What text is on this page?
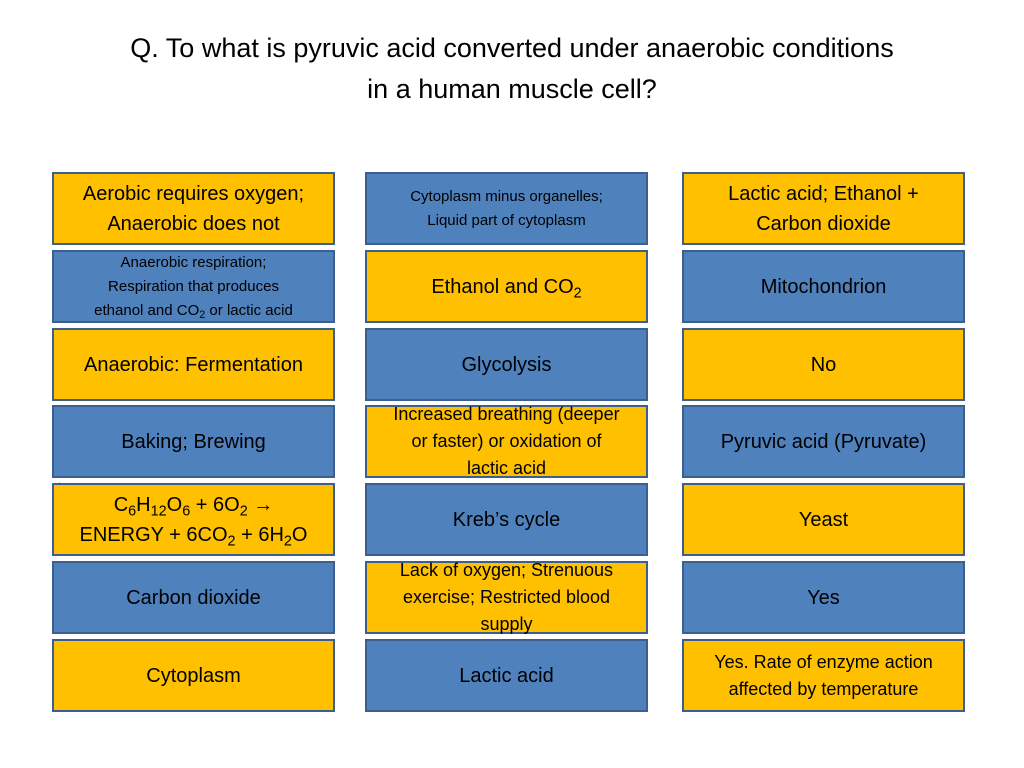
Q. To what is pyruvic acid converted under anaerobic conditions
in a human muscle cell?
Aerobic requires oxygen;
Anaerobic does not
Anaerobic respiration;
Respiration that produces
ethanol and $CO_2$ or lactic acid
Anaerobic: Fermentation
Baking; Brewing
$C_6H_{12}O_6 + 6O_2$ →
ENERGY + $6CO_2 + 6H_2O$
Carbon dioxide
Cytoplasm
Cytoplasm minus organelles;
Liquid part of cytoplasm
Ethanol and $CO_2$
Glycolysis
Increased breathing (deeper
or faster) or oxidation of
lactic acid
Kreb’s cycle
Lack of oxygen; Strenuous
exercise; Restricted blood
supply
Lactic acid
Lactic acid; Ethanol +
Carbon dioxide
Mitochondrion
No
Pyruvic acid (Pyruvate)
Yeast
Yes
Yes. Rate of enzyme action
affected by temperature
·
